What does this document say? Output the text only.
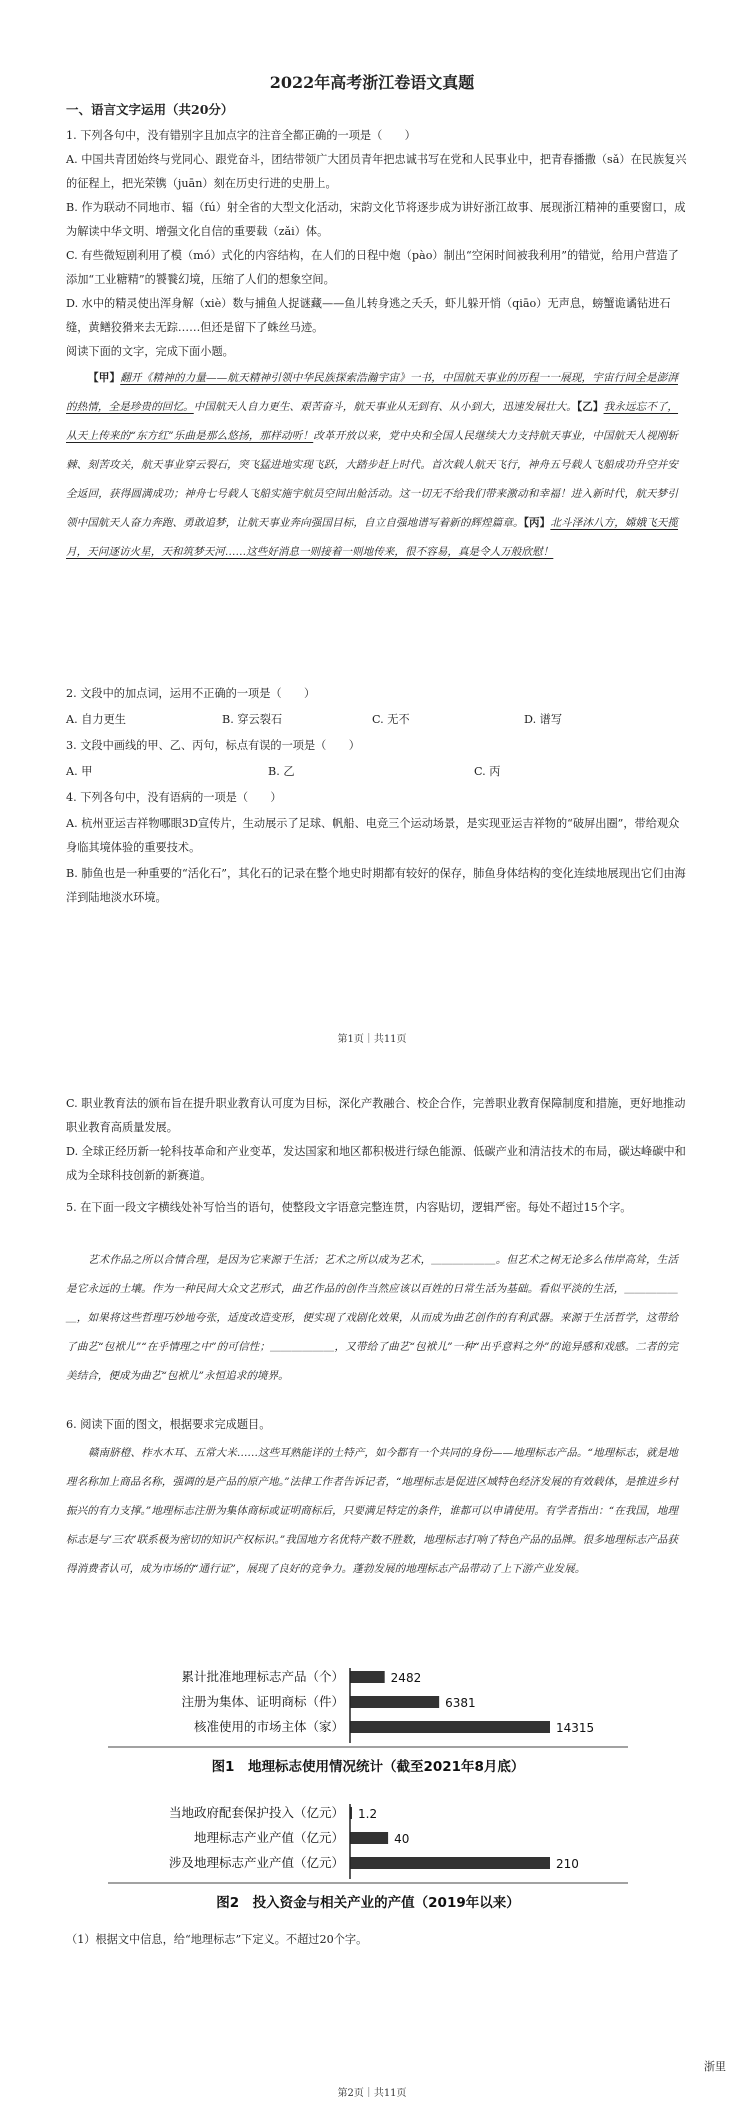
2022年高考浙江卷语文真题
一、语言文字运用（共20分）

1. 下列各句中，没有错别字且加点字的注音全都正确的一项是（　　）

A. 中国共青团始终与党同心、跟党奋斗，团结带领广大团员青年把忠诚书写在党和人民事业中，把青春播撒（sǎ）在民族复兴的征程上，把光荣镌（juān）刻在历史行进的史册上。

B. 作为联动不同地市、辐（fú）射全省的大型文化活动，宋韵文化节将逐步成为讲好浙江故事、展现浙江精神的重要窗口，成为解读中华文明、增强文化自信的重要载（zǎi）体。

C. 有些微短剧利用了模（mó）式化的内容结构，在人们的日程中炮（pào）制出“空闲时间被我利用”的错觉，给用户营造了添加“工业糖精”的饕餮幻境，压缩了人们的想象空间。

D. 水中的精灵使出浑身解（xiè）数与捕鱼人捉谜藏——鱼儿转身逃之夭夭，虾儿躲开悄（qiāo）无声息，螃蟹诡谲钻进石缝，黄鳝狡猾来去无踪……但还是留下了蛛丝马迹。

阅读下面的文字，完成下面小题。

【甲】翻开《精神的力量——航天精神引领中华民族探索浩瀚宇宙》一书，中国航天事业的历程一一展现，宇宙行间全是澎湃的热情，全是珍贵的回忆。中国航天人自力更生、艰苦奋斗，航天事业从无到有、从小到大，迅速发展壮大。【乙】我永远忘不了，从天上传来的“东方红”乐曲是那么悠扬，那样动听！改革开放以来，党中央和全国人民继续大力支持航天事业，中国航天人视刚斩棘、刻苦攻关，航天事业穿云裂石，突飞猛进地实现飞跃，大踏步赶上时代。首次载人航天飞行，神舟五号载人飞船成功升空并安全返回，获得圆满成功；神舟七号载人飞船实施宇航员空间出舱活动。这一切无不给我们带来激动和幸福！进入新时代，航天梦引领中国航天人奋力奔跑、勇敢追梦，让航天事业奔向强国目标，自立自强地谱写着新的辉煌篇章。【丙】北斗泽沐八方，嫦娥飞天揽月，天问逐访火星，天和筑梦天河……这些好消息一则接着一则地传来，很不容易，真是令人万般欣慰！

2. 文段中的加点词，运用不正确的一项是（　　）

A. 自力更生	B. 穿云裂石	C. 无不	D. 谱写

3. 文段中画线的甲、乙、丙句，标点有误的一项是（　　）

A. 甲	B. 乙	C. 丙

4. 下列各句中，没有语病的一项是（　　）

A. 杭州亚运吉祥物哪眼3D宣传片，生动展示了足球、帆船、电竞三个运动场景，是实现亚运吉祥物的“破屏出圈”，带给观众身临其境体验的重要技术。

B. 肺鱼也是一种重要的“活化石”，其化石的记录在整个地史时期都有较好的保存，肺鱼身体结构的变化连续地展现出它们由海洋到陆地淡水环境。

第1页｜共11页

C. 职业教育法的颁布旨在提升职业教育认可度为目标，深化产教融合、校企合作，完善职业教育保障制度和措施，更好地推动职业教育高质量发展。

D. 全球正经历新一轮科技革命和产业变革，发达国家和地区都积极进行绿色能源、低碳产业和清洁技术的布局，碳达峰碳中和成为全球科技创新的新赛道。

5. 在下面一段文字横线处补写恰当的语句，使整段文字语意完整连贯，内容贴切，逻辑严密。每处不超过15个字。

艺术作品之所以合情合理，是因为它来源于生活；艺术之所以成为艺术，＿＿＿＿＿＿。但艺术之树无论多么伟岸高耸，生活是它永远的土壤。作为一种民间大众文艺形式，曲艺作品的创作当然应该以百姓的日常生活为基础。看似平淡的生活，＿＿＿＿＿＿，如果将这些哲理巧妙地夸张，适度改造变形，便实现了戏剧化效果，从而成为曲艺创作的有利武器。来源于生活哲学，这带给了曲艺“包袱儿”“在乎情理之中”的可信性；＿＿＿＿＿＿，又带给了曲艺“包袱儿”一种“出乎意料之外”的诡异感和戏感。二者的完美结合，便成为曲艺“包袱儿”永恒追求的境界。

6. 阅读下面的图文，根据要求完成题目。

赣南脐橙、柞水木耳、五常大米……这些耳熟能详的土特产，如今都有一个共同的身份——地理标志产品。“地理标志，就是地理名称加上商品名称，强调的是产品的原产地。”法律工作者告诉记者，“地理标志是促进区域特色经济发展的有效载体，是推进乡村振兴的有力支撑。”地理标志注册为集体商标或证明商标后，只要满足特定的条件，谁都可以申请使用。有学者指出：“在我国，地理标志是与‘三农’联系极为密切的知识产权标识。”我国地方名优特产数不胜数，地理标志打响了特色产品的品牌。很多地理标志产品获得消费者认可，成为市场的“通行证”，展现了良好的竞争力。蓬勃发展的地理标志产品带动了上下游产业发展。

累计批准地理标志产品（个）	2482
注册为集体、证明商标（件）	6381
核准使用的市场主体（家）	14315
图1　地理标志使用情况统计（截至2021年8月底）
当地政府配套保护投入（亿元） 1.2
地理标志产业产值（亿元）	40
涉及地理标志产业产值（亿元）	210
图2　投入资金与相关产业的产值（2019年以来）

（1）根据文中信息，给“地理标志”下定义。不超过20个字。

浙里
第2页｜共11页
